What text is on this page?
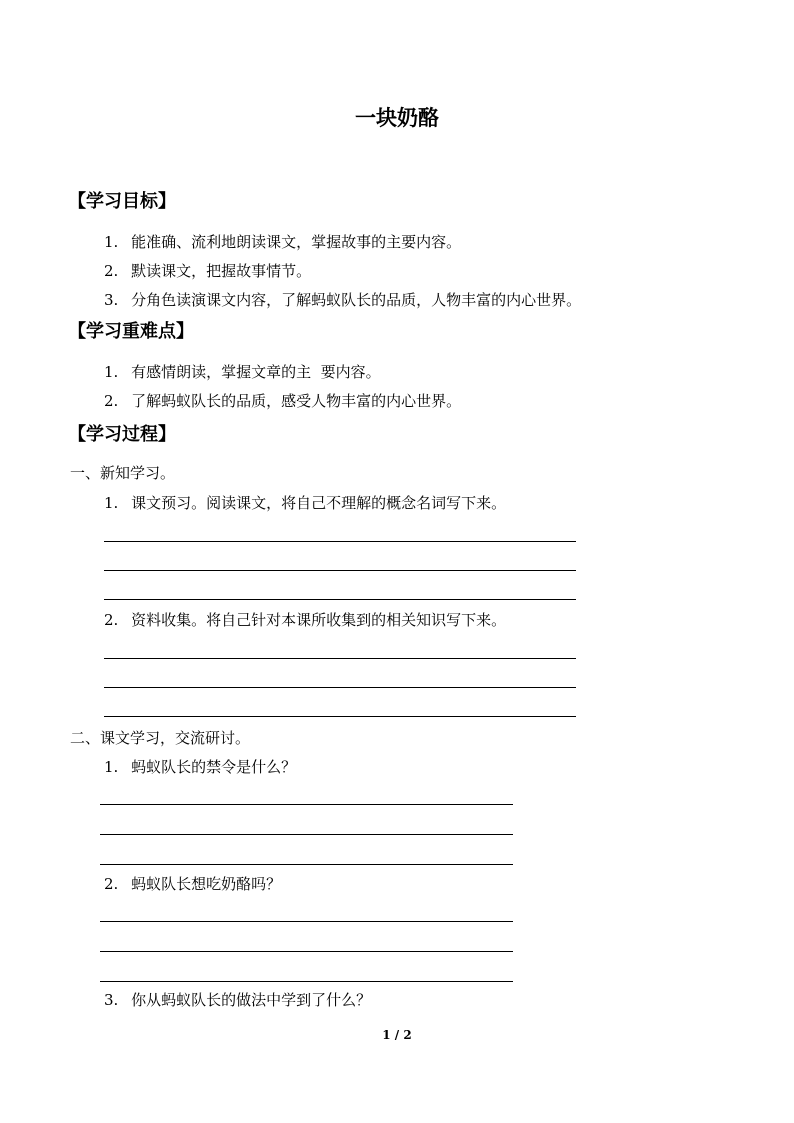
一块奶酪
【学习目标】
1. 能准确、流利地朗读课文，掌握故事的主要内容。
2. 默读课文，把握故事情节。
3. 分角色读演课文内容，了解蚂蚁队长的品质，人物丰富的内心世界。
【学习重难点】
1. 有感情朗读，掌握文章的主  要内容。
2. 了解蚂蚁队长的品质，感受人物丰富的内心世界。
【学习过程】
一、新知学习。
1. 课文预习。阅读课文，将自己不理解的概念名词写下来。
2. 资料收集。将自己针对本课所收集到的相关知识写下来。
二、课文学习，交流研讨。
1. 蚂蚁队长的禁令是什么？
2. 蚂蚁队长想吃奶酪吗？
3. 你从蚂蚁队长的做法中学到了什么？
1 / 2
